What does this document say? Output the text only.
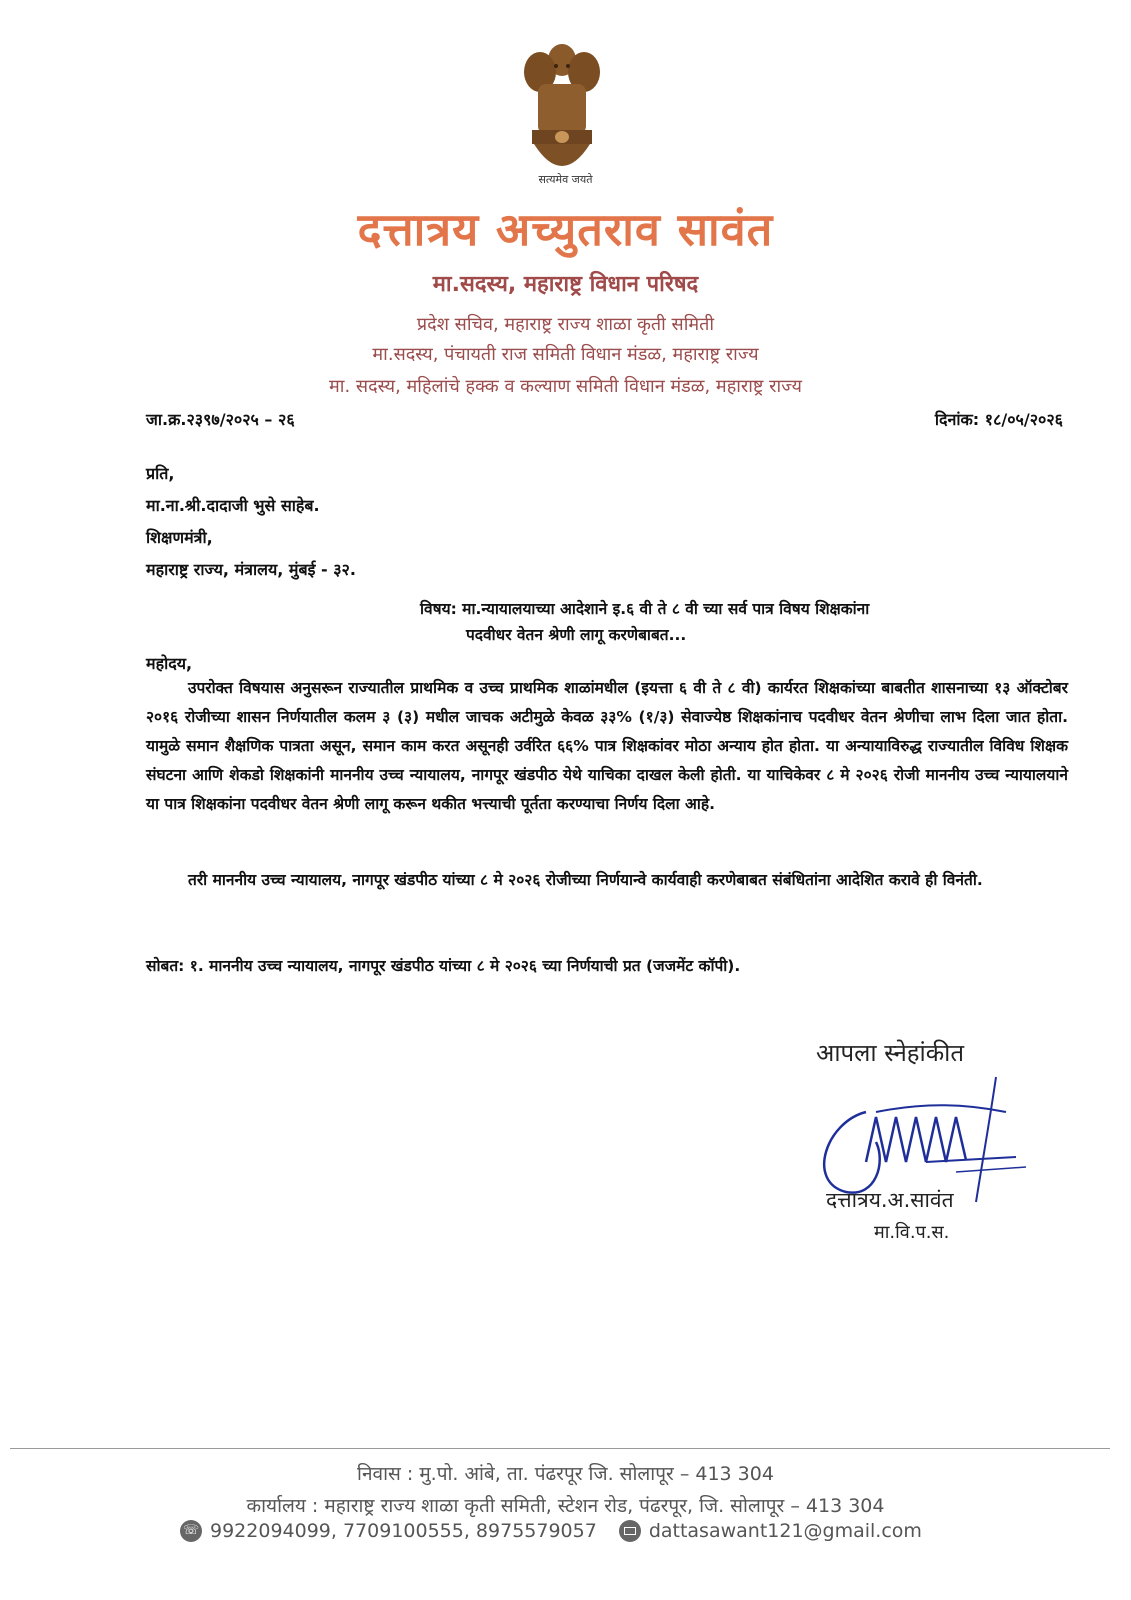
सत्यमेव जयते
दत्तात्रय अच्युतराव सावंत
मा.सदस्य, महाराष्ट्र विधान परिषद
प्रदेश सचिव, महाराष्ट्र राज्य शाळा कृती समिती
मा.सदस्य, पंचायती राज समिती विधान मंडळ, महाराष्ट्र राज्य
मा. सदस्य, महिलांचे हक्क व कल्याण समिती विधान मंडळ, महाराष्ट्र राज्य
जा.क्र.२३९७/२०२५ – २६	दिनांक: १८/०५/२०२६
प्रति,
मा.ना.श्री.दादाजी भुसे साहेब.
शिक्षणमंत्री,
महाराष्ट्र राज्य, मंत्रालय, मुंबई - ३२.
विषय: मा.न्यायालयाच्या आदेशाने इ.६ वी ते ८ वी च्या सर्व पात्र विषय शिक्षकांना
पदवीधर वेतन श्रेणी लागू करणेबाबत...
महोदय,

उपरोक्त विषयास अनुसरून राज्यातील प्राथमिक व उच्च प्राथमिक शाळांमधील (इयत्ता ६ वी ते ८ वी) कार्यरत शिक्षकांच्या बाबतीत शासनाच्या १३ ऑक्टोबर २०१६ रोजीच्या शासन निर्णयातील कलम ३ (३) मधील जाचक अटीमुळे केवळ ३३% (१/३) सेवाज्येष्ठ शिक्षकांनाच पदवीधर वेतन श्रेणीचा लाभ दिला जात होता. यामुळे समान शैक्षणिक पात्रता असून, समान काम करत असूनही उर्वरित ६६% पात्र शिक्षकांवर मोठा अन्याय होत होता. या अन्यायाविरुद्ध राज्यातील विविध शिक्षक संघटना आणि शेकडो शिक्षकांनी माननीय उच्च न्यायालय, नागपूर खंडपीठ येथे याचिका दाखल केली होती. या याचिकेवर ८ मे २०२६ रोजी माननीय उच्च न्यायालयाने या पात्र शिक्षकांना पदवीधर वेतन श्रेणी लागू करून थकीत भत्त्याची पूर्तता करण्याचा निर्णय दिला आहे.

तरी माननीय उच्च न्यायालय, नागपूर खंडपीठ यांच्या ८ मे २०२६ रोजीच्या निर्णयान्वे कार्यवाही करणेबाबत संबंधितांना आदेशित करावे ही विनंती.

सोबत: १. माननीय उच्च न्यायालय, नागपूर खंडपीठ यांच्या ८ मे २०२६ च्या निर्णयाची प्रत (जजमेंट कॉपी).
आपला स्नेहांकीत
दत्तात्रय.अ.सावंत
मा.वि.प.स.
निवास : मु.पो. आंबे, ता. पंढरपूर जि. सोलापूर – 413 304
कार्यालय : महाराष्ट्र राज्य शाळा कृती समिती, स्टेशन रोड, पंढरपूर, जि. सोलापूर – 413 304
☏ 9922094099, 7709100555, 8975579057	dattasawant121@gmail.com
